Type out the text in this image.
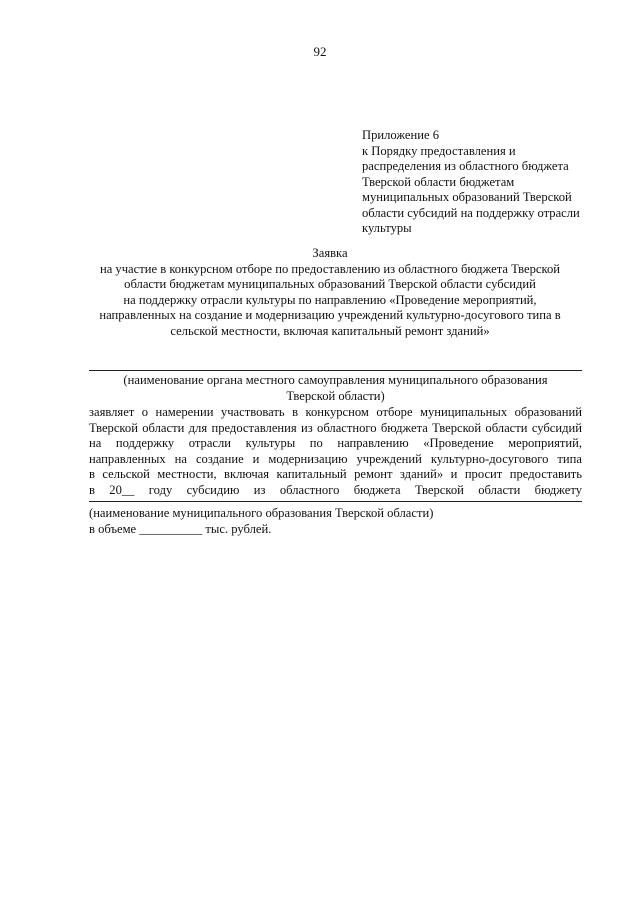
92
Приложение 6
к Порядку предоставления и
распределения из областного бюджета
Тверской области бюджетам
муниципальных образований Тверской
области субсидий на поддержку отрасли
культуры
Заявка
на участие в конкурсном отборе по предоставлению из областного бюджета Тверской
области бюджетам муниципальных образований Тверской области субсидий
на поддержку отрасли культуры по направлению «Проведение мероприятий,
направленных на создание и модернизацию учреждений культурно-досугового типа в
сельской местности, включая капитальный ремонт зданий»
(наименование органа местного самоуправления муниципального образования
Тверской области)
заявляет о намерении участвовать в конкурсном отборе муниципальных образований
Тверской области для предоставления из областного бюджета Тверской области субсидий
на поддержку отрасли культуры по направлению «Проведение мероприятий,
направленных на создание и модернизацию учреждений культурно-досугового типа
в сельской местности, включая капитальный ремонт зданий» и просит предоставить
в 20__ году субсидию из областного бюджета Тверской области бюджету
(наименование муниципального образования Тверской области)
в объеме __________ тыс. рублей.
